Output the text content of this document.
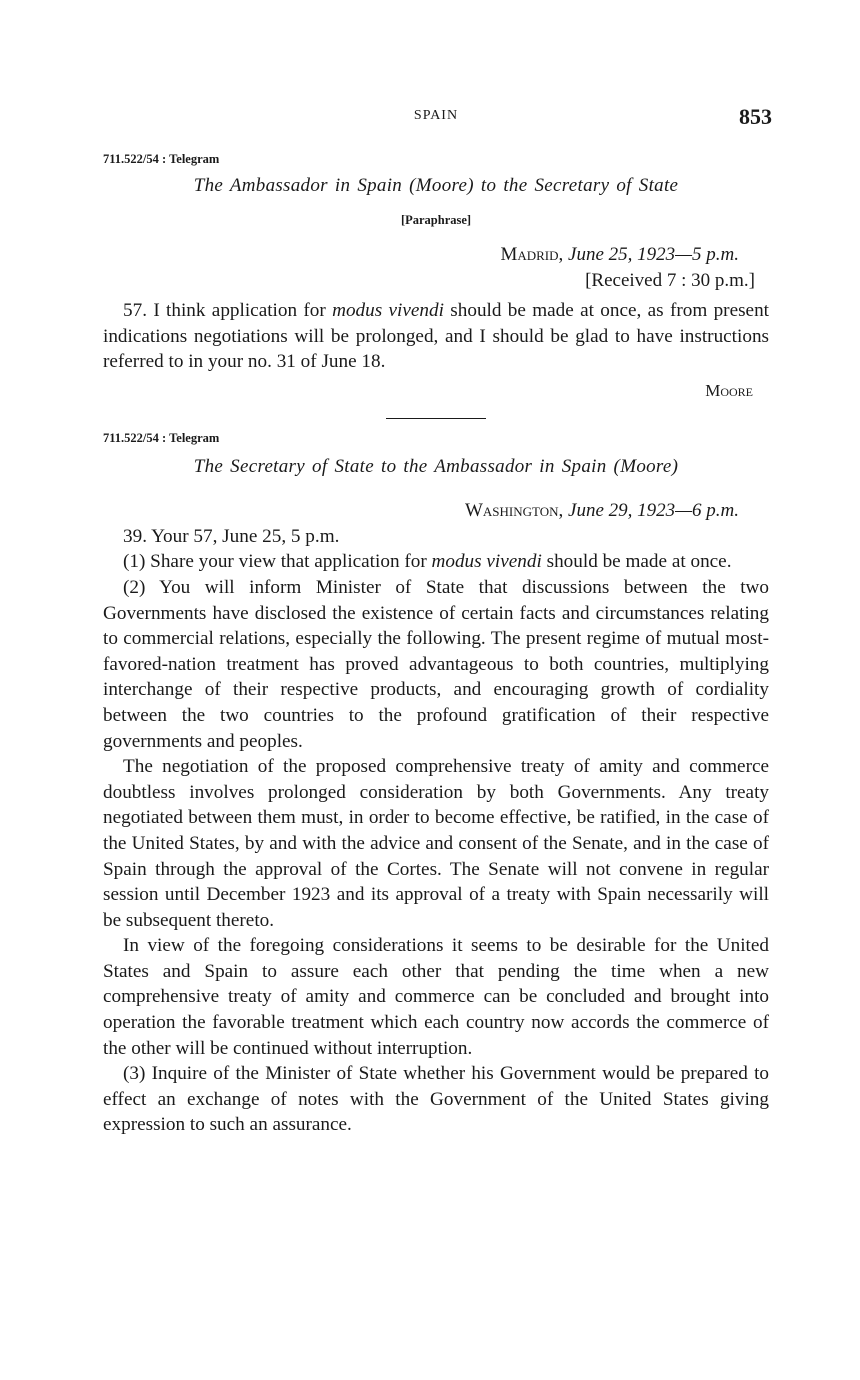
SPAIN	853
711.522/54 : Telegram
The Ambassador in Spain (Moore) to the Secretary of State
[Paraphrase]
Madrid, June 25, 1923—5 p.m.
[Received 7 : 30 p.m.]

57. I think application for modus vivendi should be made at once, as from present indications negotiations will be prolonged, and I should be glad to have instructions referred to in your no. 31 of June 18.

Moore
711.522/54 : Telegram
The Secretary of State to the Ambassador in Spain (Moore)
Washington, June 29, 1923—6 p.m.

39. Your 57, June 25, 5 p.m.

(1) Share your view that application for modus vivendi should be made at once.

(2) You will inform Minister of State that discussions between the two Governments have disclosed the existence of certain facts and circumstances relating to commercial relations, especially the following. The present regime of mutual most-favored-nation treatment has proved advantageous to both countries, multiplying interchange of their respective products, and encouraging growth of cordiality between the two countries to the profound gratification of their respective governments and peoples.

The negotiation of the proposed comprehensive treaty of amity and commerce doubtless involves prolonged consideration by both Governments. Any treaty negotiated between them must, in order to become effective, be ratified, in the case of the United States, by and with the advice and consent of the Senate, and in the case of Spain through the approval of the Cortes. The Senate will not convene in regular session until December 1923 and its approval of a treaty with Spain necessarily will be subsequent thereto.

In view of the foregoing considerations it seems to be desirable for the United States and Spain to assure each other that pending the time when a new comprehensive treaty of amity and commerce can be concluded and brought into operation the favorable treatment which each country now accords the commerce of the other will be continued without interruption.

(3) Inquire of the Minister of State whether his Government would be prepared to effect an exchange of notes with the Government of the United States giving expression to such an assurance.
